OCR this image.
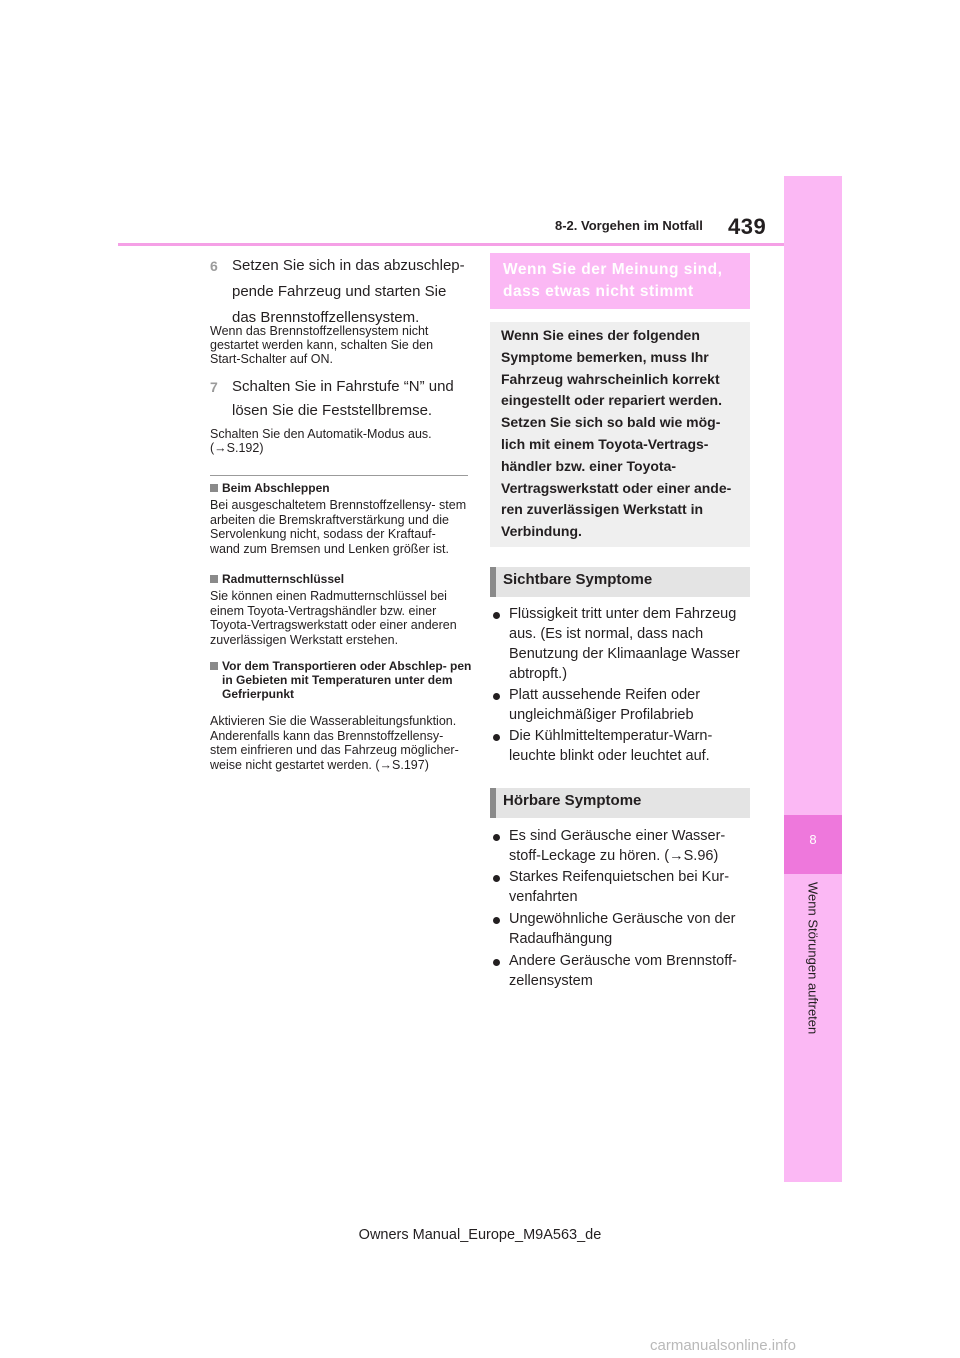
8-2. Vorgehen im Notfall 439
8
Wenn Störungen auftreten
6 Setzen Sie sich in das abzuschlep-
pende Fahrzeug und starten Sie
das Brennstoffzellensystem.
Wenn das Brennstoffzellensystem nicht gestartet werden kann, schalten Sie den Start-Schalter auf ON.
7 Schalten Sie in Fahrstufe “N” und
lösen Sie die Feststellbremse.
Schalten Sie den Automatik-Modus aus. (→S.192)
Beim Abschleppen
Bei ausgeschaltetem Brennstoffzellensy- stem arbeiten die Bremskraftverstärkung und die Servolenkung nicht, sodass der Kraftauf- wand zum Bremsen und Lenken größer ist.
Radmutternschlüssel
Sie können einen Radmutternschlüssel bei einem Toyota-Vertragshändler bzw. einer Toyota-Vertragswerkstatt oder einer anderen zuverlässigen Werkstatt erstehen.
Vor dem Transportieren oder Abschlep- pen in Gebieten mit Temperaturen unter dem Gefrierpunkt
Aktivieren Sie die Wasserableitungsfunktion. Anderenfalls kann das Brennstoffzellensy- stem einfrieren und das Fahrzeug möglicher- weise nicht gestartet werden. (→S.197)
Wenn Sie der Meinung sind, dass etwas nicht stimmt
Wenn Sie eines der folgenden Symptome bemerken, muss Ihr Fahrzeug wahrscheinlich korrekt eingestellt oder repariert werden. Setzen Sie sich so bald wie mög- lich mit einem Toyota-Vertrags- händler bzw. einer Toyota- Vertragswerkstatt oder einer ande- ren zuverlässigen Werkstatt in Verbindung.
Sichtbare Symptome
Flüssigkeit tritt unter dem Fahrzeug aus. (Es ist normal, dass nach Benutzung der Klimaanlage Wasser abtropft.)
Platt aussehende Reifen oder ungleichmäßiger Profilabrieb
Die Kühlmitteltemperatur-Warn- leuchte blinkt oder leuchtet auf.
Hörbare Symptome
Es sind Geräusche einer Wasser- stoff-Leckage zu hören. (→S.96)
Starkes Reifenquietschen bei Kur- venfahrten
Ungewöhnliche Geräusche von der Radaufhängung
Andere Geräusche vom Brennstoff- zellensystem
Owners Manual_Europe_M9A563_de
carmanualsonline.info
